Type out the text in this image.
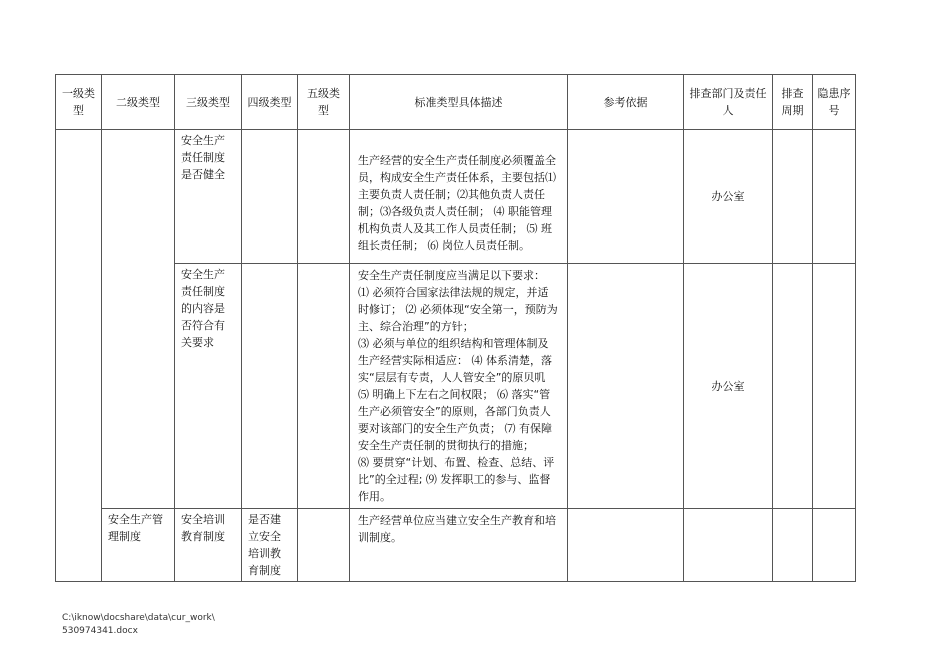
一级类型	二级类型	三级类型	四级类型	五级类型	标准类型具体描述	参考依据	排查部门及责任人	排查周期	隐患序号
		安全生产责任制度是否健全			生产经营的安全生产责任制度必须覆盖全员，构成安全生产责任体系，主要包括⑴主要负责人责任制；⑵其他负责人责任制；⑶各级负责人责任制； ⑷ 职能管理机构负责人及其工作人员责任制； ⑸ 班组长责任制； ⑹ 岗位人员责任制。		办公室		
		安全生产责任制度的内容是否符合有关要求			安全生产责任制度应当满足以下要求：
⑴ 必须符合国家法律法规的规定，并适时修订； ⑵ 必须体现“安全第一，预防为主、综合治理”的方针；
⑶ 必须与单位的组织结构和管理体制及生产经营实际相适应： ⑷ 体系清楚，落实“层层有专责，人人管安全”的原贝叽 ⑸ 明确上下左右之间权限； ⑹ 落实“管生产必须管安全”的原则，各部门负责人要对该部门的安全生产负责； ⑺ 有保障安全生产责任制的贯彻执行的措施；
⑻ 要贯穿“计划、布置、检查、总结、评比”的全过程; ⑼ 发挥职工的参与、监督作用。		办公室		
	安全生产管理制度	安全培训教育制度	是否建立安全培训教育制度		生产经营单位应当建立安全生产教育和培训制度。				
C:\iknow\docshare\data\cur_work\
530974341.docx
